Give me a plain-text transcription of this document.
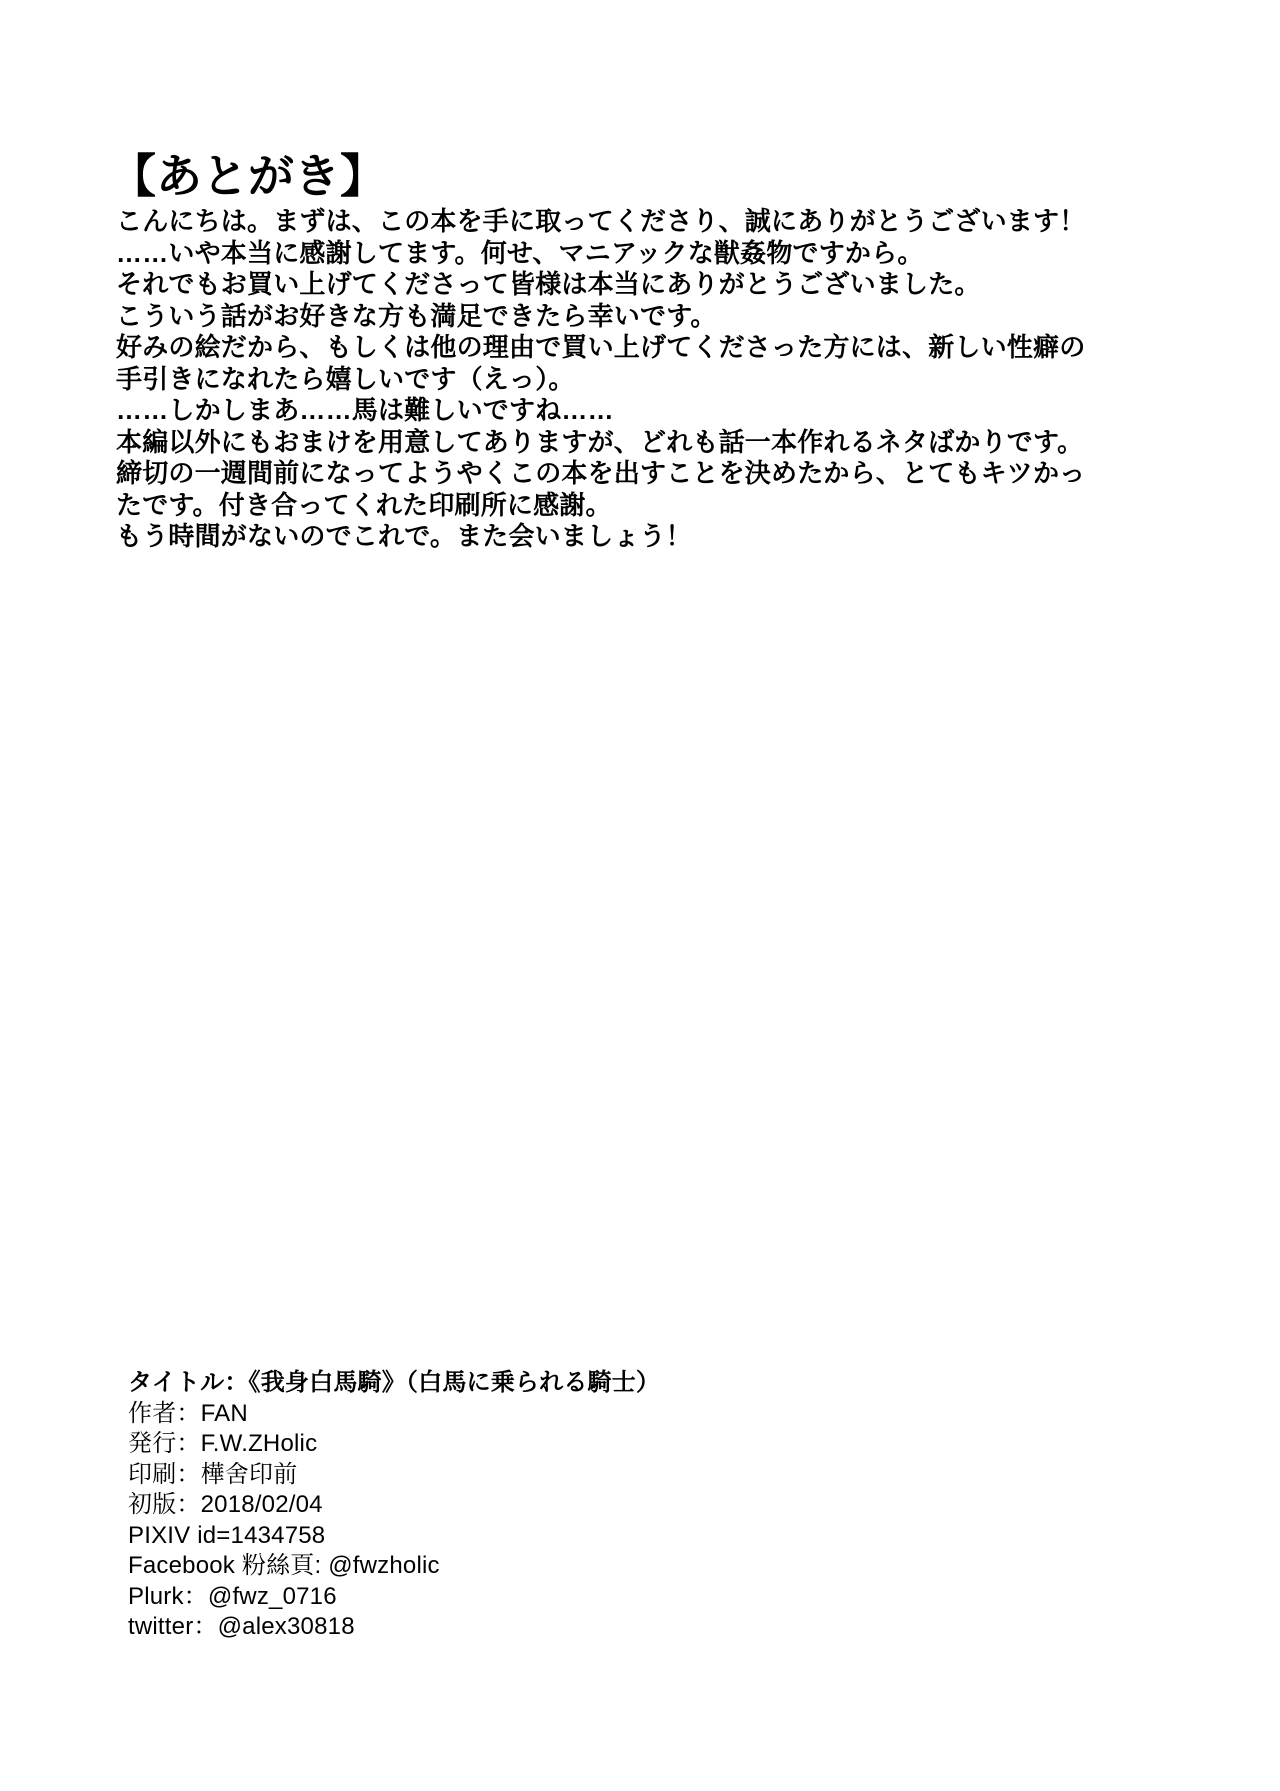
【あとがき】
こんにちは。まずは、この本を手に取ってくださり、誠にありがとうございます！
……いや本当に感謝してます。何せ、マニアックな獣姦物ですから。
それでもお買い上げてくださって皆様は本当にありがとうございました。
こういう話がお好きな方も満足できたら幸いです。
好みの絵だから、もしくは他の理由で買い上げてくださった方には、新しい性癖の
手引きになれたら嬉しいです（えっ）。
……しかしまあ……馬は難しいですね……
本編以外にもおまけを用意してありますが、どれも話一本作れるネタばかりです。
締切の一週間前になってようやくこの本を出すことを決めたから、とてもキツかっ
たです。付き合ってくれた印刷所に感謝。
もう時間がないのでこれで。また会いましょう！
タイトル：《我身白馬騎》（白馬に乗られる騎士）
作者：FAN
発行：F.W.ZHolic
印刷：樺舍印前
初版：2018/02/04
PIXIV id=1434758
Facebook 粉絲頁: @fwzholic
Plurk：@fwz_0716
twitter：@alex30818
